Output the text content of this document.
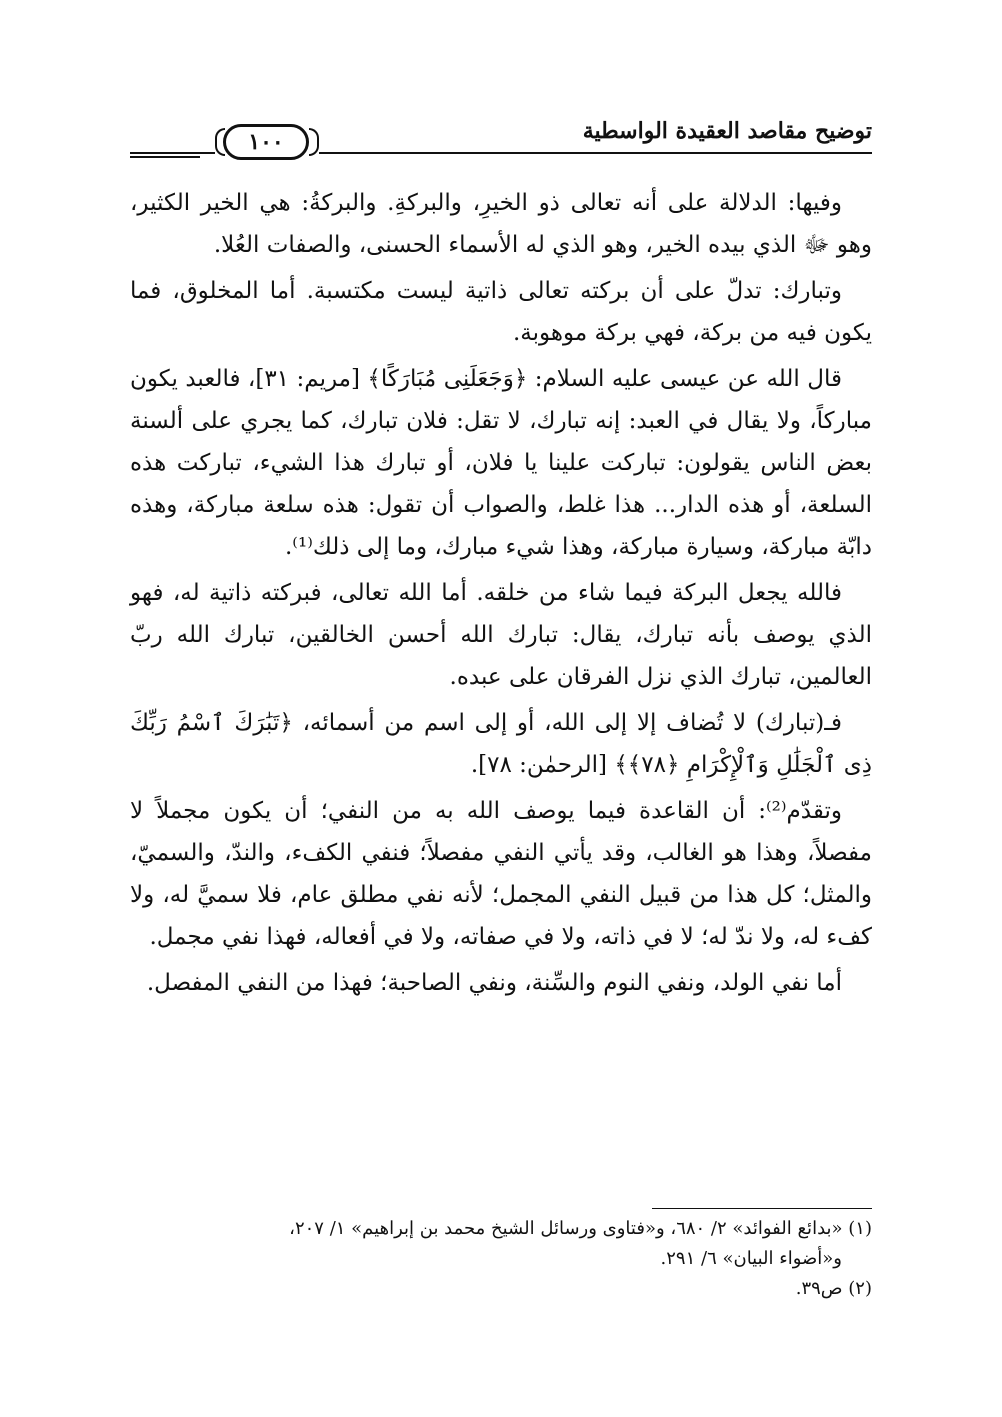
توضيح مقاصد العقيدة الواسطية
١٠٠

وفيها: الدلالة على أنه تعالى ذو الخيرِ، والبركةِ. والبركةُ: هي الخير الكثير، وهو ﷻ الذي بيده الخير، وهو الذي له الأسماء الحسنى، والصفات العُلا.

وتبارك: تدلّ على أن بركته تعالى ذاتية ليست مكتسبة. أما المخلوق، فما يكون فيه من بركة، فهي بركة موهوبة.

قال الله عن عيسى عليه السلام: ﴿وَجَعَلَنِى مُبَارَكًا﴾ [مريم: ٣١]، فالعبد يكون مباركاً، ولا يقال في العبد: إنه تبارك، لا تقل: فلان تبارك، كما يجري على ألسنة بعض الناس يقولون: تباركت علينا يا فلان، أو تبارك هذا الشيء، تباركت هذه السلعة، أو هذه الدار... هذا غلط، والصواب أن تقول: هذه سلعة مباركة، وهذه دابّة مباركة، وسيارة مباركة، وهذا شيء مبارك، وما إلى ذلك⁽¹⁾.

فالله يجعل البركة فيما شاء من خلقه. أما الله تعالى، فبركته ذاتية له، فهو الذي يوصف بأنه تبارك، يقال: تبارك الله أحسن الخالقين، تبارك الله ربّ العالمين، تبارك الذي نزل الفرقان على عبده.

فـ(تبارك) لا تُضاف إلا إلى الله، أو إلى اسم من أسمائه، ﴿تَبَٰرَكَ ٱسْمُ رَبِّكَ ذِى ٱلْجَلَٰلِ وَٱلْإِكْرَامِ ﴿٧٨﴾﴾ [الرحمٰن: ٧٨].

وتقدّم⁽²⁾: أن القاعدة فيما يوصف الله به من النفي؛ أن يكون مجملاً لا مفصلاً، وهذا هو الغالب، وقد يأتي النفي مفصلاً؛ فنفي الكفء، والندّ، والسميّ، والمثل؛ كل هذا من قبيل النفي المجمل؛ لأنه نفي مطلق عام، فلا سميَّ له، ولا كفء له، ولا ندّ له؛ لا في ذاته، ولا في صفاته، ولا في أفعاله، فهذا نفي مجمل.

أما نفي الولد، ونفي النوم والسِّنة، ونفي الصاحبة؛ فهذا من النفي المفصل.

(١) «بدائع الفوائد» ٢/ ٦٨٠، و«فتاوى ورسائل الشيخ محمد بن إبراهيم» ١/ ٢٠٧،
و«أضواء البيان» ٦/ ٢٩١.
(٢) ص٣٩.
